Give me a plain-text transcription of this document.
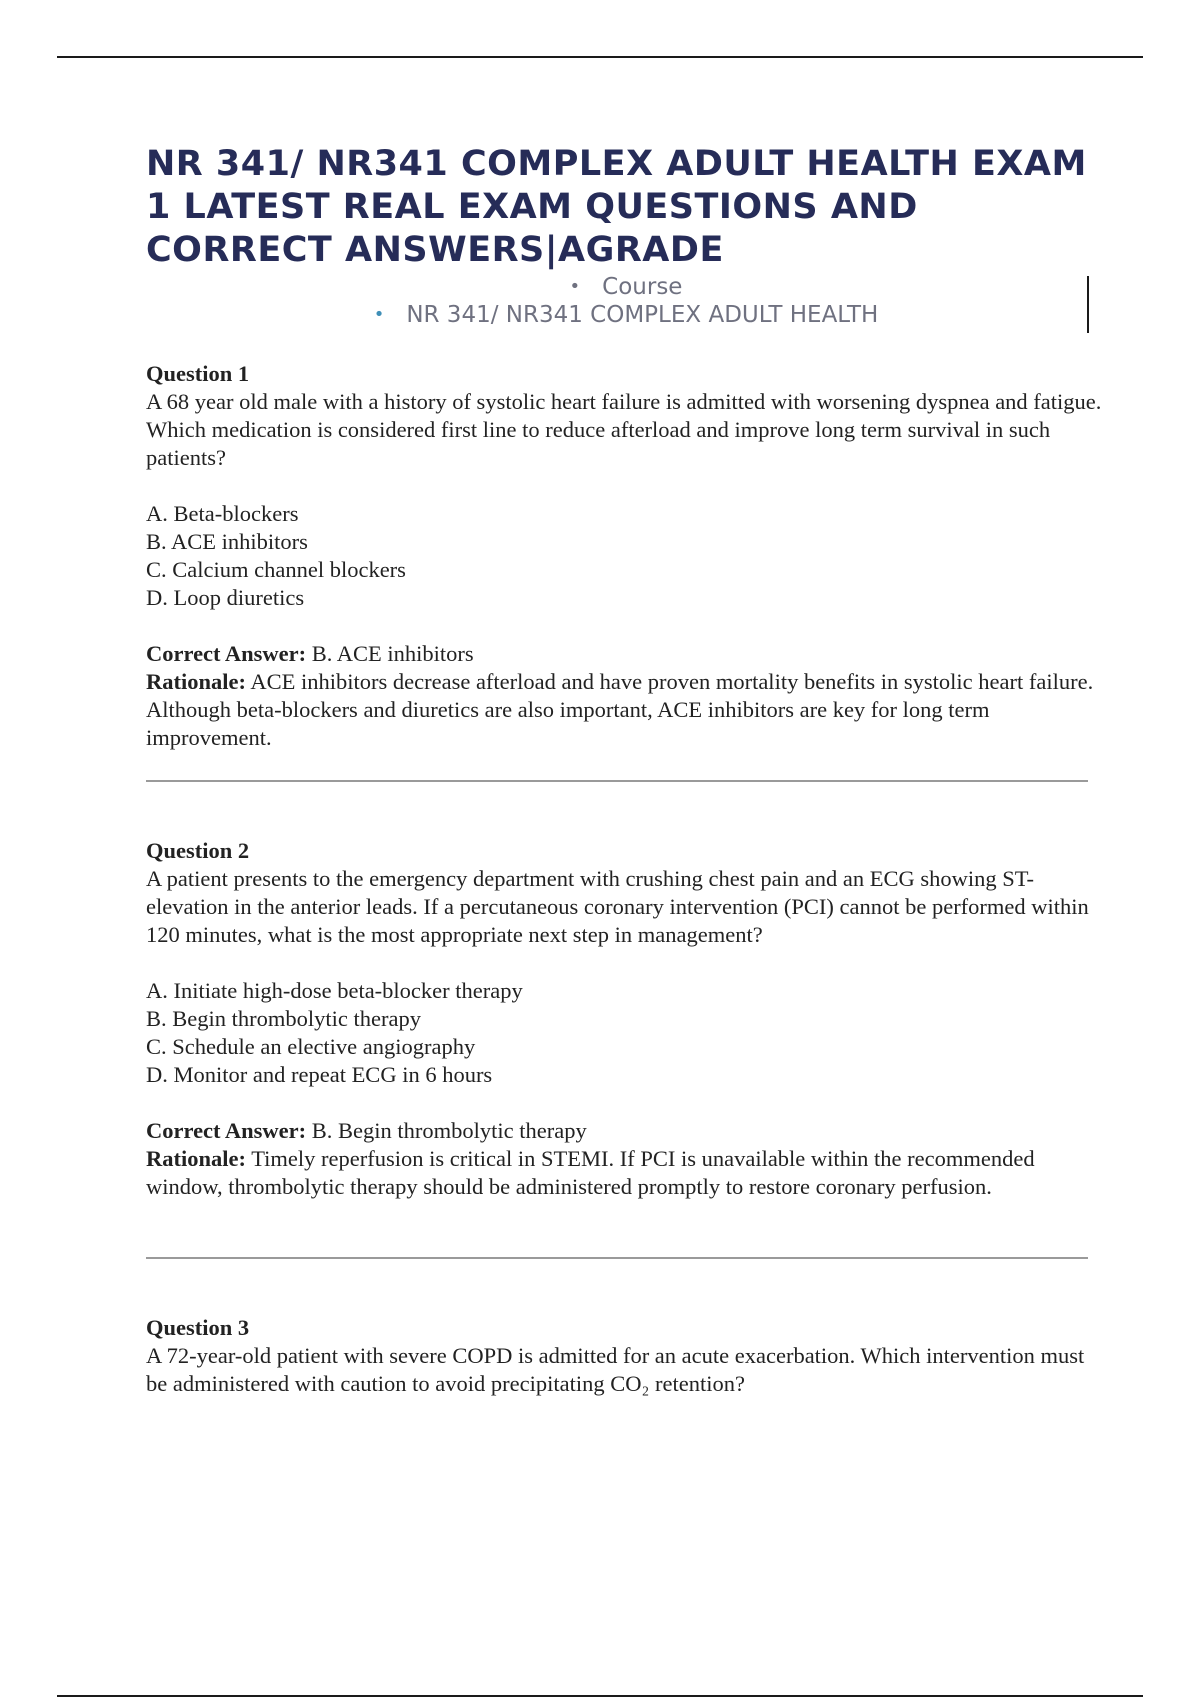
NR 341/ NR341 COMPLEX ADULT HEALTH EXAM 1 LATEST REAL EXAM QUESTIONS AND CORRECT ANSWERS|AGRADE

• Course

• NR 341/ NR341 COMPLEX ADULT HEALTH

Question 1

A 68 year old male with a history of systolic heart failure is admitted with worsening dyspnea and fatigue. Which medication is considered first line to reduce afterload and improve long term survival in such patients?

A. Beta-blockers

B. ACE inhibitors

C. Calcium channel blockers

D. Loop diuretics

Correct Answer: B. ACE inhibitors

Rationale: ACE inhibitors decrease afterload and have proven mortality benefits in systolic heart failure. Although beta-blockers and diuretics are also important, ACE inhibitors are key for long term improvement.

Question 2

A patient presents to the emergency department with crushing chest pain and an ECG showing ST-elevation in the anterior leads. If a percutaneous coronary intervention (PCI) cannot be performed within 120 minutes, what is the most appropriate next step in management?

A. Initiate high-dose beta-blocker therapy

B. Begin thrombolytic therapy

C. Schedule an elective angiography

D. Monitor and repeat ECG in 6 hours

Correct Answer: B. Begin thrombolytic therapy

Rationale: Timely reperfusion is critical in STEMI. If PCI is unavailable within the recommended window, thrombolytic therapy should be administered promptly to restore coronary perfusion.

Question 3

A 72-year-old patient with severe COPD is admitted for an acute exacerbation. Which intervention must be administered with caution to avoid precipitating CO₂ retention?
